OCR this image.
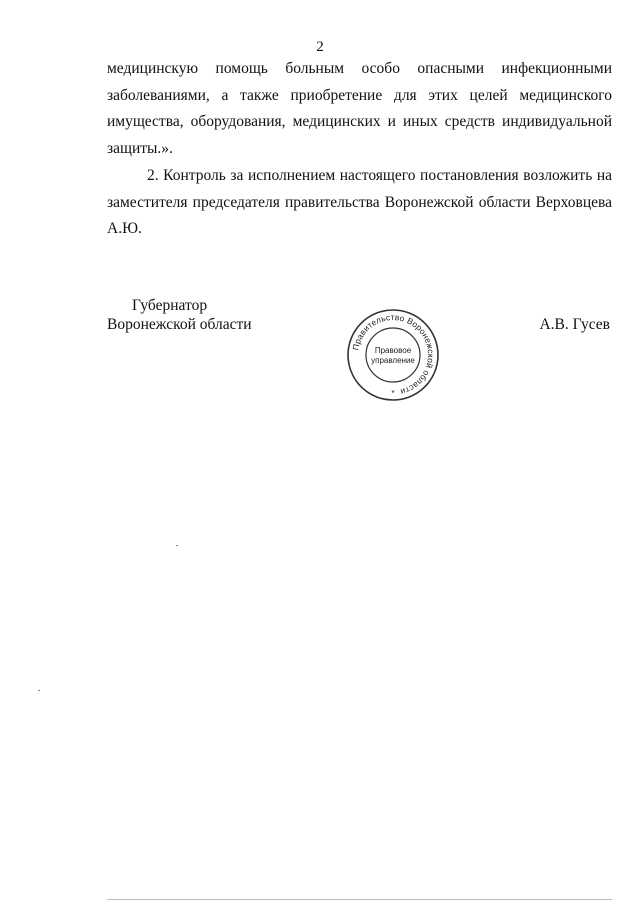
2

медицинскую помощь больным особо опасными инфекционными заболеваниями, а также приобретение для этих целей медицинского имущества, оборудования, медицинских и иных средств индивидуальной защиты.».

2. Контроль за исполнением настоящего постановления возложить на заместителя председателя правительства Воронежской области Верховцева А.Ю.

Губернатор
Воронежской области	А.В. Гусев
Правительство Воронежской области
Правовое
управление
*
